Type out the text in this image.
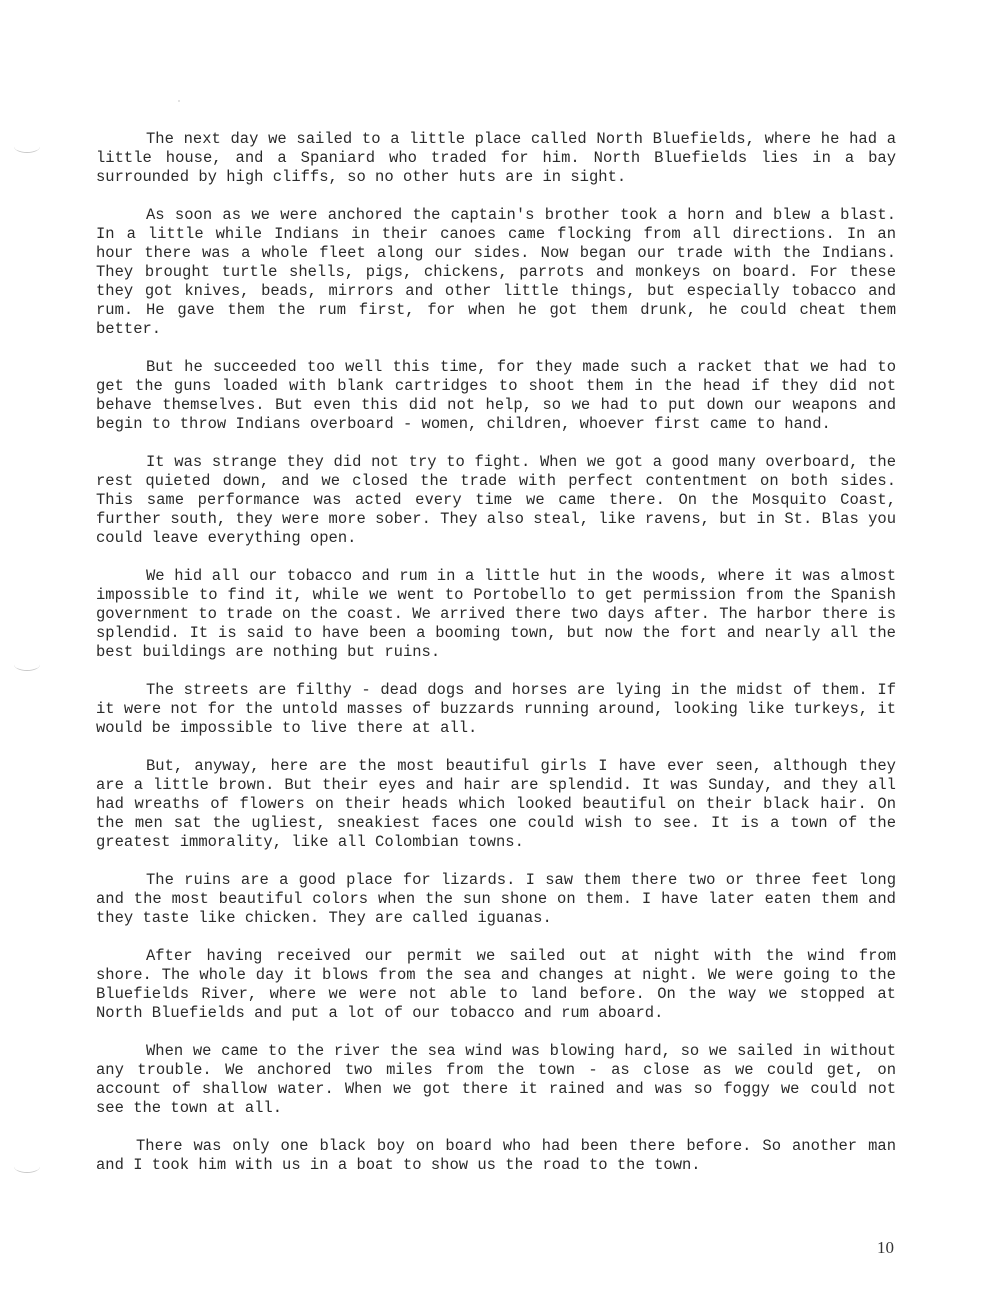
The next day we sailed to a little place called North Bluefields, where he had a little house, and a Spaniard who traded for him. North Bluefields lies in a bay surrounded by high cliffs, so no other huts are in sight.

As soon as we were anchored the captain's brother took a horn and blew a blast. In a little while Indians in their canoes came flocking from all directions. In an hour there was a whole fleet along our sides. Now began our trade with the Indians. They brought turtle shells, pigs, chickens, parrots and monkeys on board. For these they got knives, beads, mirrors and other little things, but especially tobacco and rum. He gave them the rum first, for when he got them drunk, he could cheat them better.

But he succeeded too well this time, for they made such a racket that we had to get the guns loaded with blank cartridges to shoot them in the head if they did not behave themselves. But even this did not help, so we had to put down our weapons and begin to throw Indians overboard - women, children, whoever first came to hand.

It was strange they did not try to fight. When we got a good many overboard, the rest quieted down, and we closed the trade with perfect contentment on both sides. This same performance was acted every time we came there. On the Mosquito Coast, further south, they were more sober. They also steal, like ravens, but in St. Blas you could leave everything open.

We hid all our tobacco and rum in a little hut in the woods, where it was almost impossible to find it, while we went to Portobello to get permission from the Spanish government to trade on the coast. We arrived there two days after. The harbor there is splendid. It is said to have been a booming town, but now the fort and nearly all the best buildings are nothing but ruins.

The streets are filthy - dead dogs and horses are lying in the midst of them. If it were not for the untold masses of buzzards running around, looking like turkeys, it would be impossible to live there at all.

But, anyway, here are the most beautiful girls I have ever seen, although they are a little brown. But their eyes and hair are splendid. It was Sunday, and they all had wreaths of flowers on their heads which looked beautiful on their black hair. On the men sat the ugliest, sneakiest faces one could wish to see. It is a town of the greatest immorality, like all Colombian towns.

The ruins are a good place for lizards. I saw them there two or three feet long and the most beautiful colors when the sun shone on them. I have later eaten them and they taste like chicken. They are called iguanas.

After having received our permit we sailed out at night with the wind from shore. The whole day it blows from the sea and changes at night. We were going to the Bluefields River, where we were not able to land before. On the way we stopped at North Bluefields and put a lot of our tobacco and rum aboard.

When we came to the river the sea wind was blowing hard, so we sailed in without any trouble. We anchored two miles from the town - as close as we could get, on account of shallow water. When we got there it rained and was so foggy we could not see the town at all.

There was only one black boy on board who had been there before. So another man and I took him with us in a boat to show us the road to the town.

10
